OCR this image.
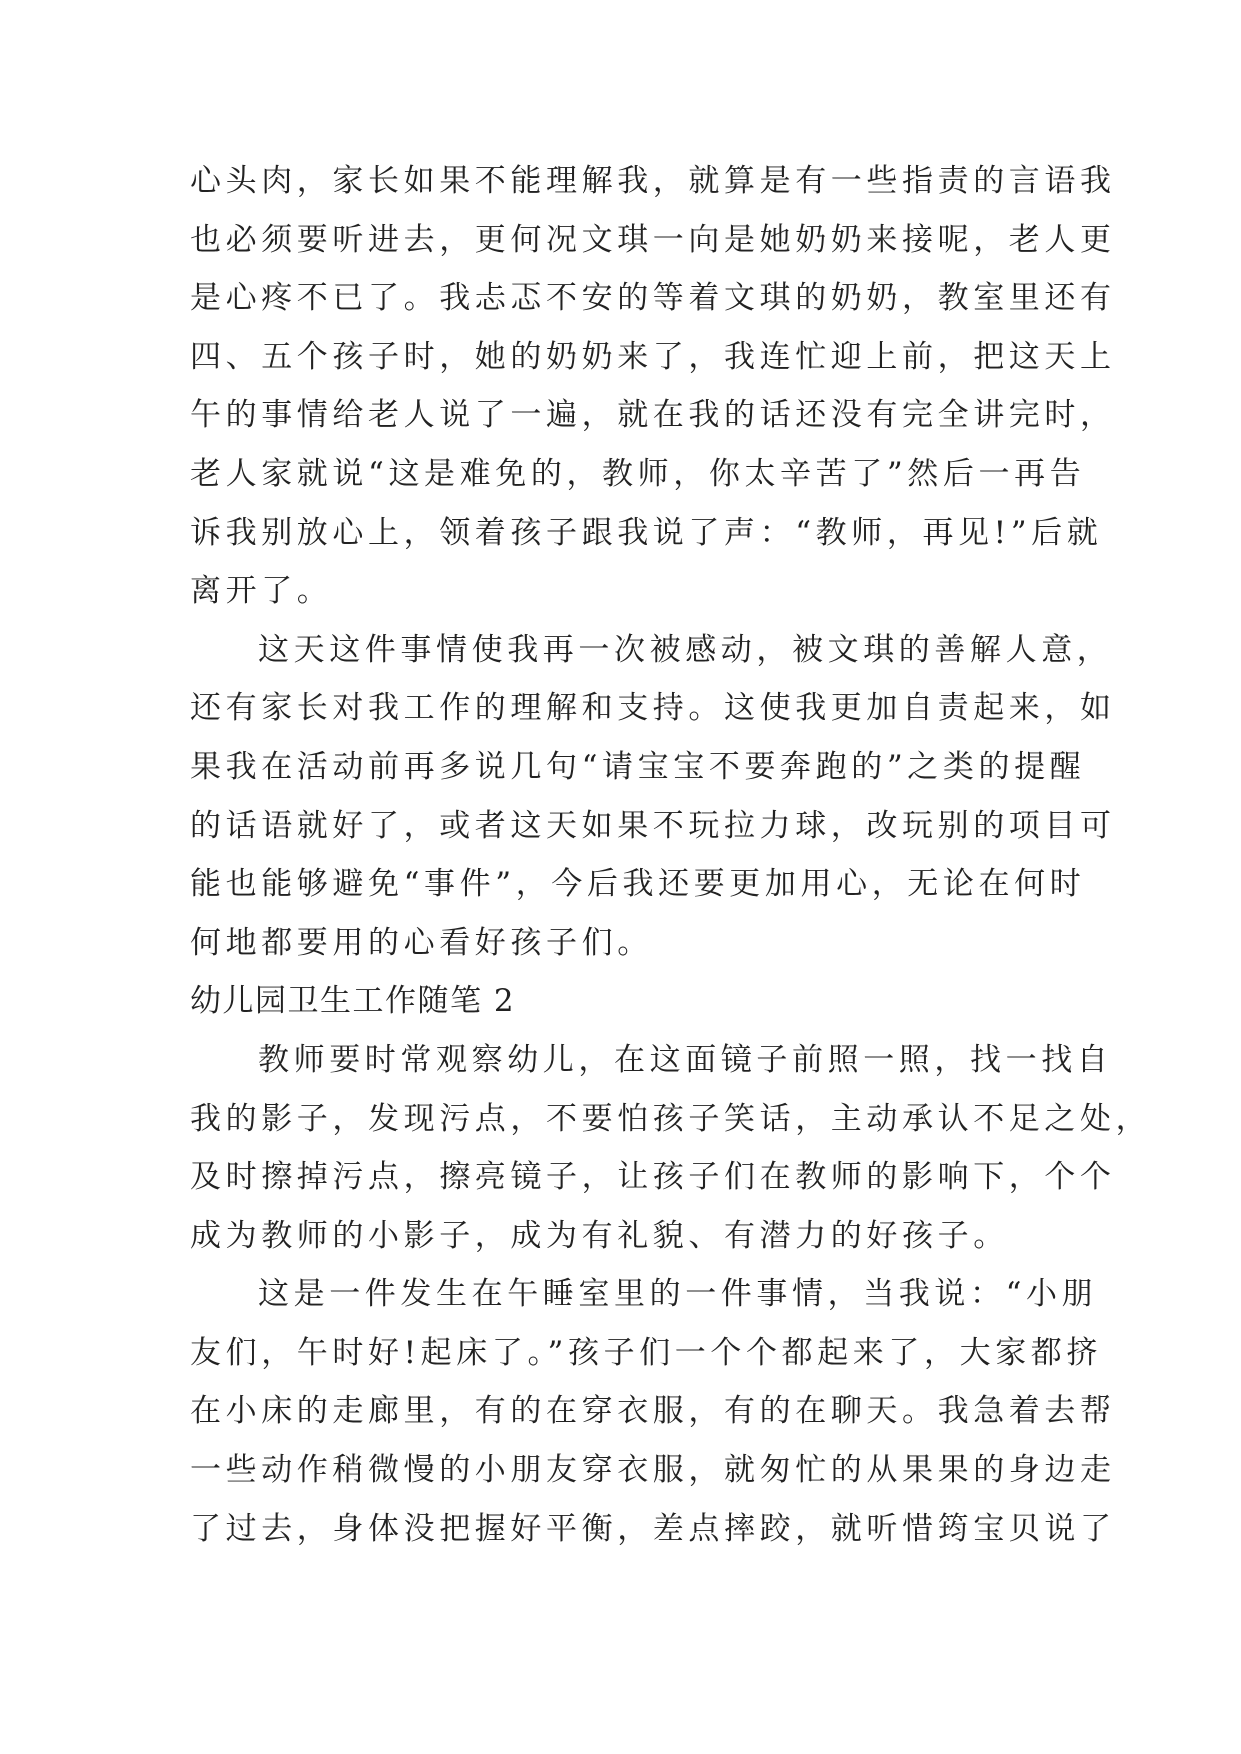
心头肉，家长如果不能理解我，就算是有一些指责的言语我
也必须要听进去，更何况文琪一向是她奶奶来接呢，老人更
是心疼不已了。我忐忑不安的等着文琪的奶奶，教室里还有
四、五个孩子时，她的奶奶来了，我连忙迎上前，把这天上
午的事情给老人说了一遍，就在我的话还没有完全讲完时，
老人家就说“这是难免的，教师，你太辛苦了”然后一再告
诉我别放心上，领着孩子跟我说了声：“教师，再见!”后就
离开了。
这天这件事情使我再一次被感动，被文琪的善解人意，
还有家长对我工作的理解和支持。这使我更加自责起来，如
果我在活动前再多说几句“请宝宝不要奔跑的”之类的提醒
的话语就好了，或者这天如果不玩拉力球，改玩别的项目可
能也能够避免“事件”，今后我还要更加用心，无论在何时
何地都要用的心看好孩子们。
幼儿园卫生工作随笔 2
教师要时常观察幼儿，在这面镜子前照一照，找一找自
我的影子，发现污点，不要怕孩子笑话，主动承认不足之处，
及时擦掉污点，擦亮镜子，让孩子们在教师的影响下，个个
成为教师的小影子，成为有礼貌、有潜力的好孩子。
这是一件发生在午睡室里的一件事情，当我说：“小朋
友们，午时好!起床了。”孩子们一个个都起来了，大家都挤
在小床的走廊里，有的在穿衣服，有的在聊天。我急着去帮
一些动作稍微慢的小朋友穿衣服，就匆忙的从果果的身边走
了过去，身体没把握好平衡，差点摔跤，就听惜筠宝贝说了
